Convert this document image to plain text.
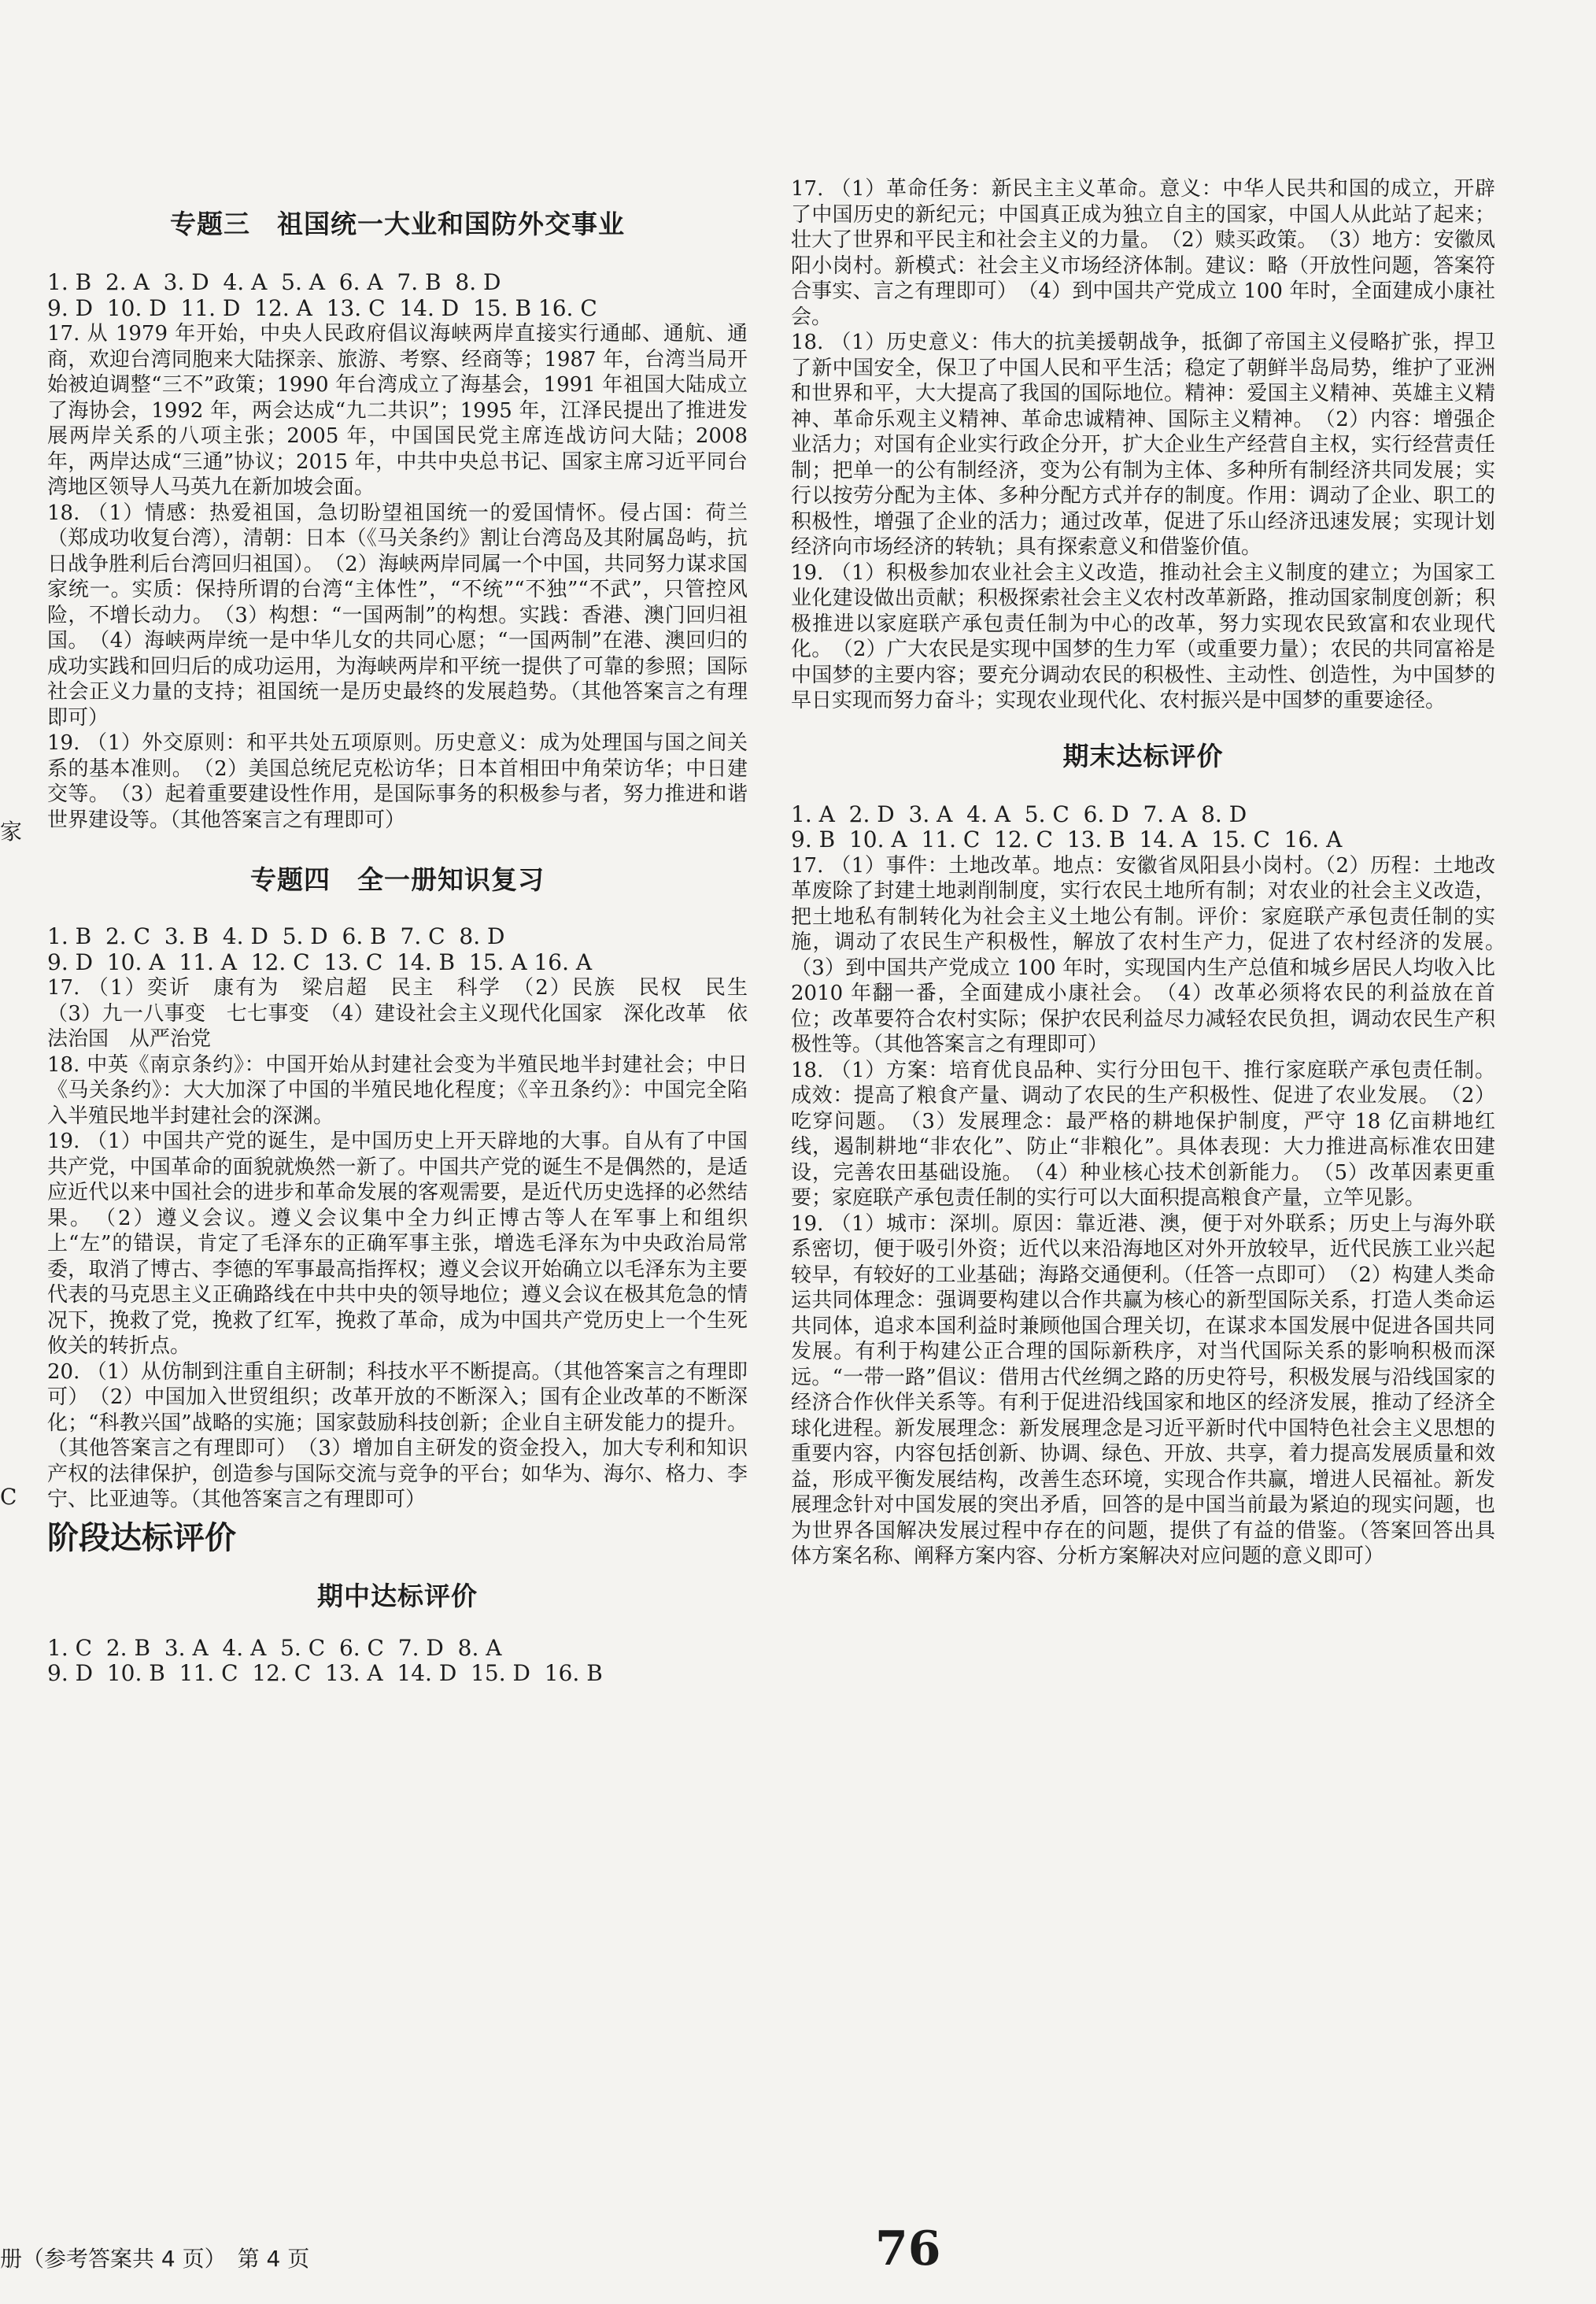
家
C
专题三　祖国统一大业和国防外交事业

1. B  2. A  3. D  4. A  5. A  6. A  7. B  8. D

9. D  10. D  11. D  12. A  13. C  14. D  15. B 16. C

17. 从 1979 年开始，中央人民政府倡议海峡两岸直接实行通邮、通航、通商，欢迎台湾同胞来大陆探亲、旅游、考察、经商等；1987 年，台湾当局开始被迫调整“三不”政策；1990 年台湾成立了海基会，1991 年祖国大陆成立了海协会，1992 年，两会达成“九二共识”；1995 年，江泽民提出了推进发展两岸关系的八项主张；2005 年，中国国民党主席连战访问大陆；2008 年，两岸达成“三通”协议；2015 年，中共中央总书记、国家主席习近平同台湾地区领导人马英九在新加坡会面。

18. （1）情感：热爱祖国，急切盼望祖国统一的爱国情怀。侵占国：荷兰（郑成功收复台湾），清朝：日本（《马关条约》割让台湾岛及其附属岛屿，抗日战争胜利后台湾回归祖国）。　（2）海峡两岸同属一个中国，共同努力谋求国家统一。实质：保持所谓的台湾“主体性”，“不统”“不独”“不武”，只管控风险，不增长动力。　（3）构想：“一国两制”的构想。实践：香港、澳门回归祖国。　（4）海峡两岸统一是中华儿女的共同心愿；“一国两制”在港、澳回归的成功实践和回归后的成功运用，为海峡两岸和平统一提供了可靠的参照；国际社会正义力量的支持；祖国统一是历史最终的发展趋势。（其他答案言之有理即可）

19. （1）外交原则：和平共处五项原则。历史意义：成为处理国与国之间关系的基本准则。　（2）美国总统尼克松访华；日本首相田中角荣访华；中日建交等。　（3）起着重要建设性作用，是国际事务的积极参与者，努力推进和谐世界建设等。（其他答案言之有理即可）

专题四　全一册知识复习

1. B  2. C  3. B  4. D  5. D  6. B  7. C  8. D

9. D  10. A  11. A  12. C  13. C  14. B  15. A 16. A

17. （1）奕䜣　康有为　梁启超　民主　科学　（2）民族　民权　民生　（3）九一八事变　七七事变　（4）建设社会主义现代化国家　深化改革　依法治国　从严治党

18. 中英《南京条约》：中国开始从封建社会变为半殖民地半封建社会；中日《马关条约》：大大加深了中国的半殖民地化程度；《辛丑条约》：中国完全陷入半殖民地半封建社会的深渊。

19. （1）中国共产党的诞生，是中国历史上开天辟地的大事。自从有了中国共产党，中国革命的面貌就焕然一新了。中国共产党的诞生不是偶然的，是适应近代以来中国社会的进步和革命发展的客观需要，是近代历史选择的必然结果。　（2）遵义会议。遵义会议集中全力纠正博古等人在军事上和组织上“左”的错误，肯定了毛泽东的正确军事主张，增选毛泽东为中央政治局常委，取消了博古、李德的军事最高指挥权；遵义会议开始确立以毛泽东为主要代表的马克思主义正确路线在中共中央的领导地位；遵义会议在极其危急的情况下，挽救了党，挽救了红军，挽救了革命，成为中国共产党历史上一个生死攸关的转折点。

20. （1）从仿制到注重自主研制；科技水平不断提高。（其他答案言之有理即可）　（2）中国加入世贸组织；改革开放的不断深入；国有企业改革的不断深化；“科教兴国”战略的实施；国家鼓励科技创新；企业自主研发能力的提升。（其他答案言之有理即可）　（3）增加自主研发的资金投入，加大专利和知识产权的法律保护，创造参与国际交流与竞争的平台；如华为、海尔、格力、李宁、比亚迪等。（其他答案言之有理即可）

阶段达标评价
期中达标评价

1. C  2. B  3. A  4. A  5. C  6. C  7. D  8. A

9. D  10. B  11. C  12. C  13. A  14. D  15. D  16. B

17. （1）革命任务：新民主主义革命。意义：中华人民共和国的成立，开辟了中国历史的新纪元；中国真正成为独立自主的国家，中国人从此站了起来；壮大了世界和平民主和社会主义的力量。　（2）赎买政策。　（3）地方：安徽凤阳小岗村。新模式：社会主义市场经济体制。建议：略（开放性问题，答案符合事实、言之有理即可）　（4）到中国共产党成立 100 年时，全面建成小康社会。

18. （1）历史意义：伟大的抗美援朝战争，抵御了帝国主义侵略扩张，捍卫了新中国安全，保卫了中国人民和平生活；稳定了朝鲜半岛局势，维护了亚洲和世界和平，大大提高了我国的国际地位。精神：爱国主义精神、英雄主义精神、革命乐观主义精神、革命忠诚精神、国际主义精神。　（2）内容：增强企业活力；对国有企业实行政企分开，扩大企业生产经营自主权，实行经营责任制；把单一的公有制经济，变为公有制为主体、多种所有制经济共同发展；实行以按劳分配为主体、多种分配方式并存的制度。作用：调动了企业、职工的积极性，增强了企业的活力；通过改革，促进了乐山经济迅速发展；实现计划经济向市场经济的转轨；具有探索意义和借鉴价值。

19. （1）积极参加农业社会主义改造，推动社会主义制度的建立；为国家工业化建设做出贡献；积极探索社会主义农村改革新路，推动国家制度创新；积极推进以家庭联产承包责任制为中心的改革，努力实现农民致富和农业现代化。　（2）广大农民是实现中国梦的生力军（或重要力量）；农民的共同富裕是中国梦的主要内容；要充分调动农民的积极性、主动性、创造性，为中国梦的早日实现而努力奋斗；实现农业现代化、农村振兴是中国梦的重要途径。

期末达标评价

1. A  2. D  3. A  4. A  5. C  6. D  7. A  8. D

9. B  10. A  11. C  12. C  13. B  14. A  15. C  16. A

17. （1）事件：土地改革。地点：安徽省凤阳县小岗村。（2）历程：土地改革废除了封建土地剥削制度，实行农民土地所有制；对农业的社会主义改造，把土地私有制转化为社会主义土地公有制。评价：家庭联产承包责任制的实施，调动了农民生产积极性，解放了农村生产力，促进了农村经济的发展。　（3）到中国共产党成立 100 年时，实现国内生产总值和城乡居民人均收入比 2010 年翻一番，全面建成小康社会。　（4）改革必须将农民的利益放在首位；改革要符合农村实际；保护农民利益尽力减轻农民负担，调动农民生产积极性等。（其他答案言之有理即可）

18. （1）方案：培育优良品种、实行分田包干、推行家庭联产承包责任制。成效：提高了粮食产量、调动了农民的生产积极性、促进了农业发展。　（2）吃穿问题。　（3）发展理念：最严格的耕地保护制度，严守 18 亿亩耕地红线，遏制耕地“非农化”、防止“非粮化”。具体表现：大力推进高标准农田建设，完善农田基础设施。　（4）种业核心技术创新能力。　（5）改革因素更重要；家庭联产承包责任制的实行可以大面积提高粮食产量，立竿见影。

19. （1）城市：深圳。原因：靠近港、澳，便于对外联系；历史上与海外联系密切，便于吸引外资；近代以来沿海地区对外开放较早，近代民族工业兴起较早，有较好的工业基础；海路交通便利。（任答一点即可）　（2）构建人类命运共同体理念：强调要构建以合作共赢为核心的新型国际关系，打造人类命运共同体，追求本国利益时兼顾他国合理关切，在谋求本国发展中促进各国共同发展。有利于构建公正合理的国际新秩序，对当代国际关系的影响积极而深远。“一带一路”倡议：借用古代丝绸之路的历史符号，积极发展与沿线国家的经济合作伙伴关系等。有利于促进沿线国家和地区的经济发展，推动了经济全球化进程。新发展理念：新发展理念是习近平新时代中国特色社会主义思想的重要内容，内容包括创新、协调、绿色、开放、共享，着力提高发展质量和效益，形成平衡发展结构，改善生态环境，实现合作共赢，增进人民福祉。新发展理念针对中国发展的突出矛盾，回答的是中国当前最为紧迫的现实问题，也为世界各国解决发展过程中存在的问题，提供了有益的借鉴。（答案回答出具体方案名称、阐释方案内容、分析方案解决对应问题的意义即可）

册（参考答案共 4 页）　第 4 页	76
